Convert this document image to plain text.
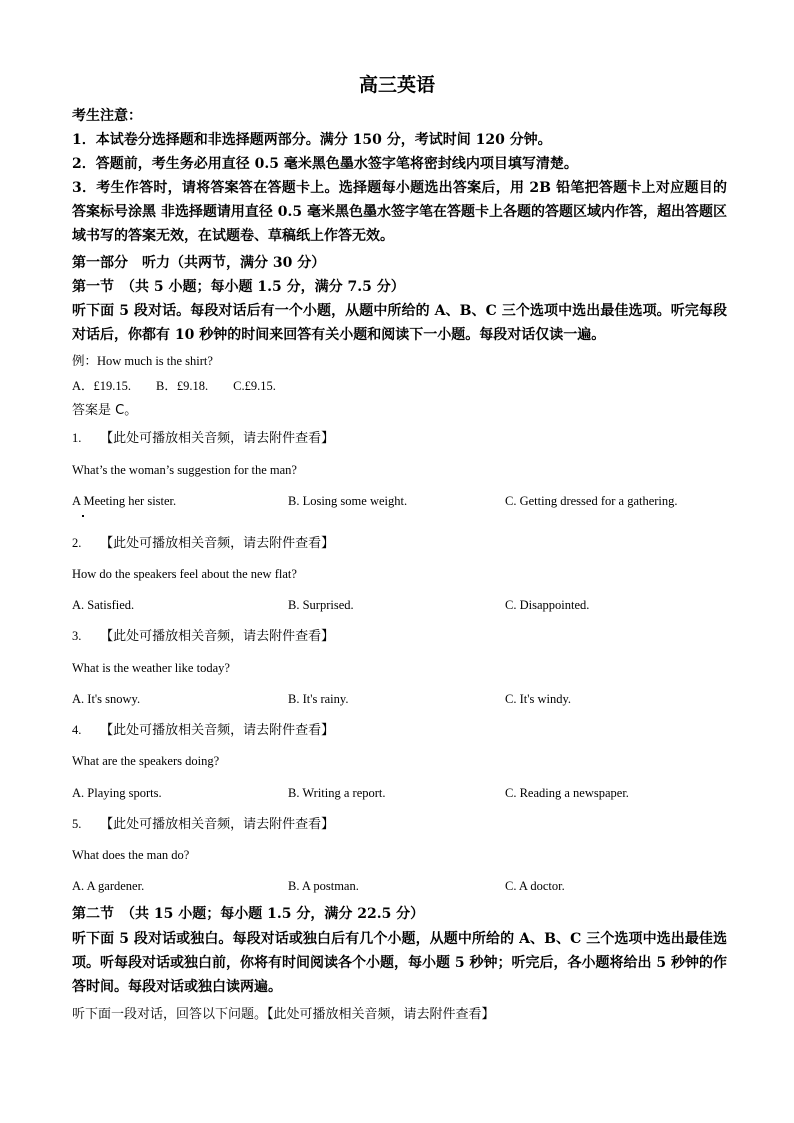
高三英语
考生注意：
1．本试卷分选择题和非选择题两部分。满分 150 分，考试时间 120 分钟。
2．答题前，考生务必用直径 0.5 毫米黑色墨水签字笔将密封线内项目填写清楚。
3．考生作答时，请将答案答在答题卡上。选择题每小题选出答案后，用 2B 铅笔把答题卡上对应题目的答案标号涂黑 非选择题请用直径 0.5 毫米黑色墨水签字笔在答题卡上各题的答题区域内作答，超出答题区域书写的答案无效，在试题卷、草稿纸上作答无效。
第一部分　听力（共两节，满分 30 分）
第一节　（共 5 小题；每小题 1.5 分，满分 7.5 分）
听下面 5 段对话。每段对话后有一个小题，从题中所给的 A、B、C 三个选项中选出最佳选项。听完每段对话后，你都有 10 秒钟的时间来回答有关小题和阅读下一小题。每段对话仅读一遍。
例：How much is the shirt?
A．£19.15.　　B．£9.18.　　C.£9.15.
答案是 C。
1. 【此处可播放相关音频，请去附件查看】
What’s the woman’s suggestion for the man?
A Meeting her sister.	B. Losing some weight.	C. Getting dressed for a gathering.
2. 【此处可播放相关音频，请去附件查看】
How do the speakers feel about the new flat?
A. Satisfied.	B. Surprised.	C. Disappointed.
3. 【此处可播放相关音频，请去附件查看】
What is the weather like today?
A. It's snowy.	B. It's rainy.	C. It's windy.
4. 【此处可播放相关音频，请去附件查看】
What are the speakers doing?
A. Playing sports.	B. Writing a report.	C. Reading a newspaper.
5. 【此处可播放相关音频，请去附件查看】
What does the man do?
A. A gardener.	B. A postman.	C. A doctor.
第二节　（共 15 小题；每小题 1.5 分，满分 22.5 分）
听下面 5 段对话或独白。每段对话或独白后有几个小题，从题中所给的 A、B、C 三个选项中选出最佳选项。听每段对话或独白前，你将有时间阅读各个小题，每小题 5 秒钟；听完后，各小题将给出 5 秒钟的作答时间。每段对话或独白读两遍。
听下面一段对话，回答以下问题。【此处可播放相关音频，请去附件查看】
